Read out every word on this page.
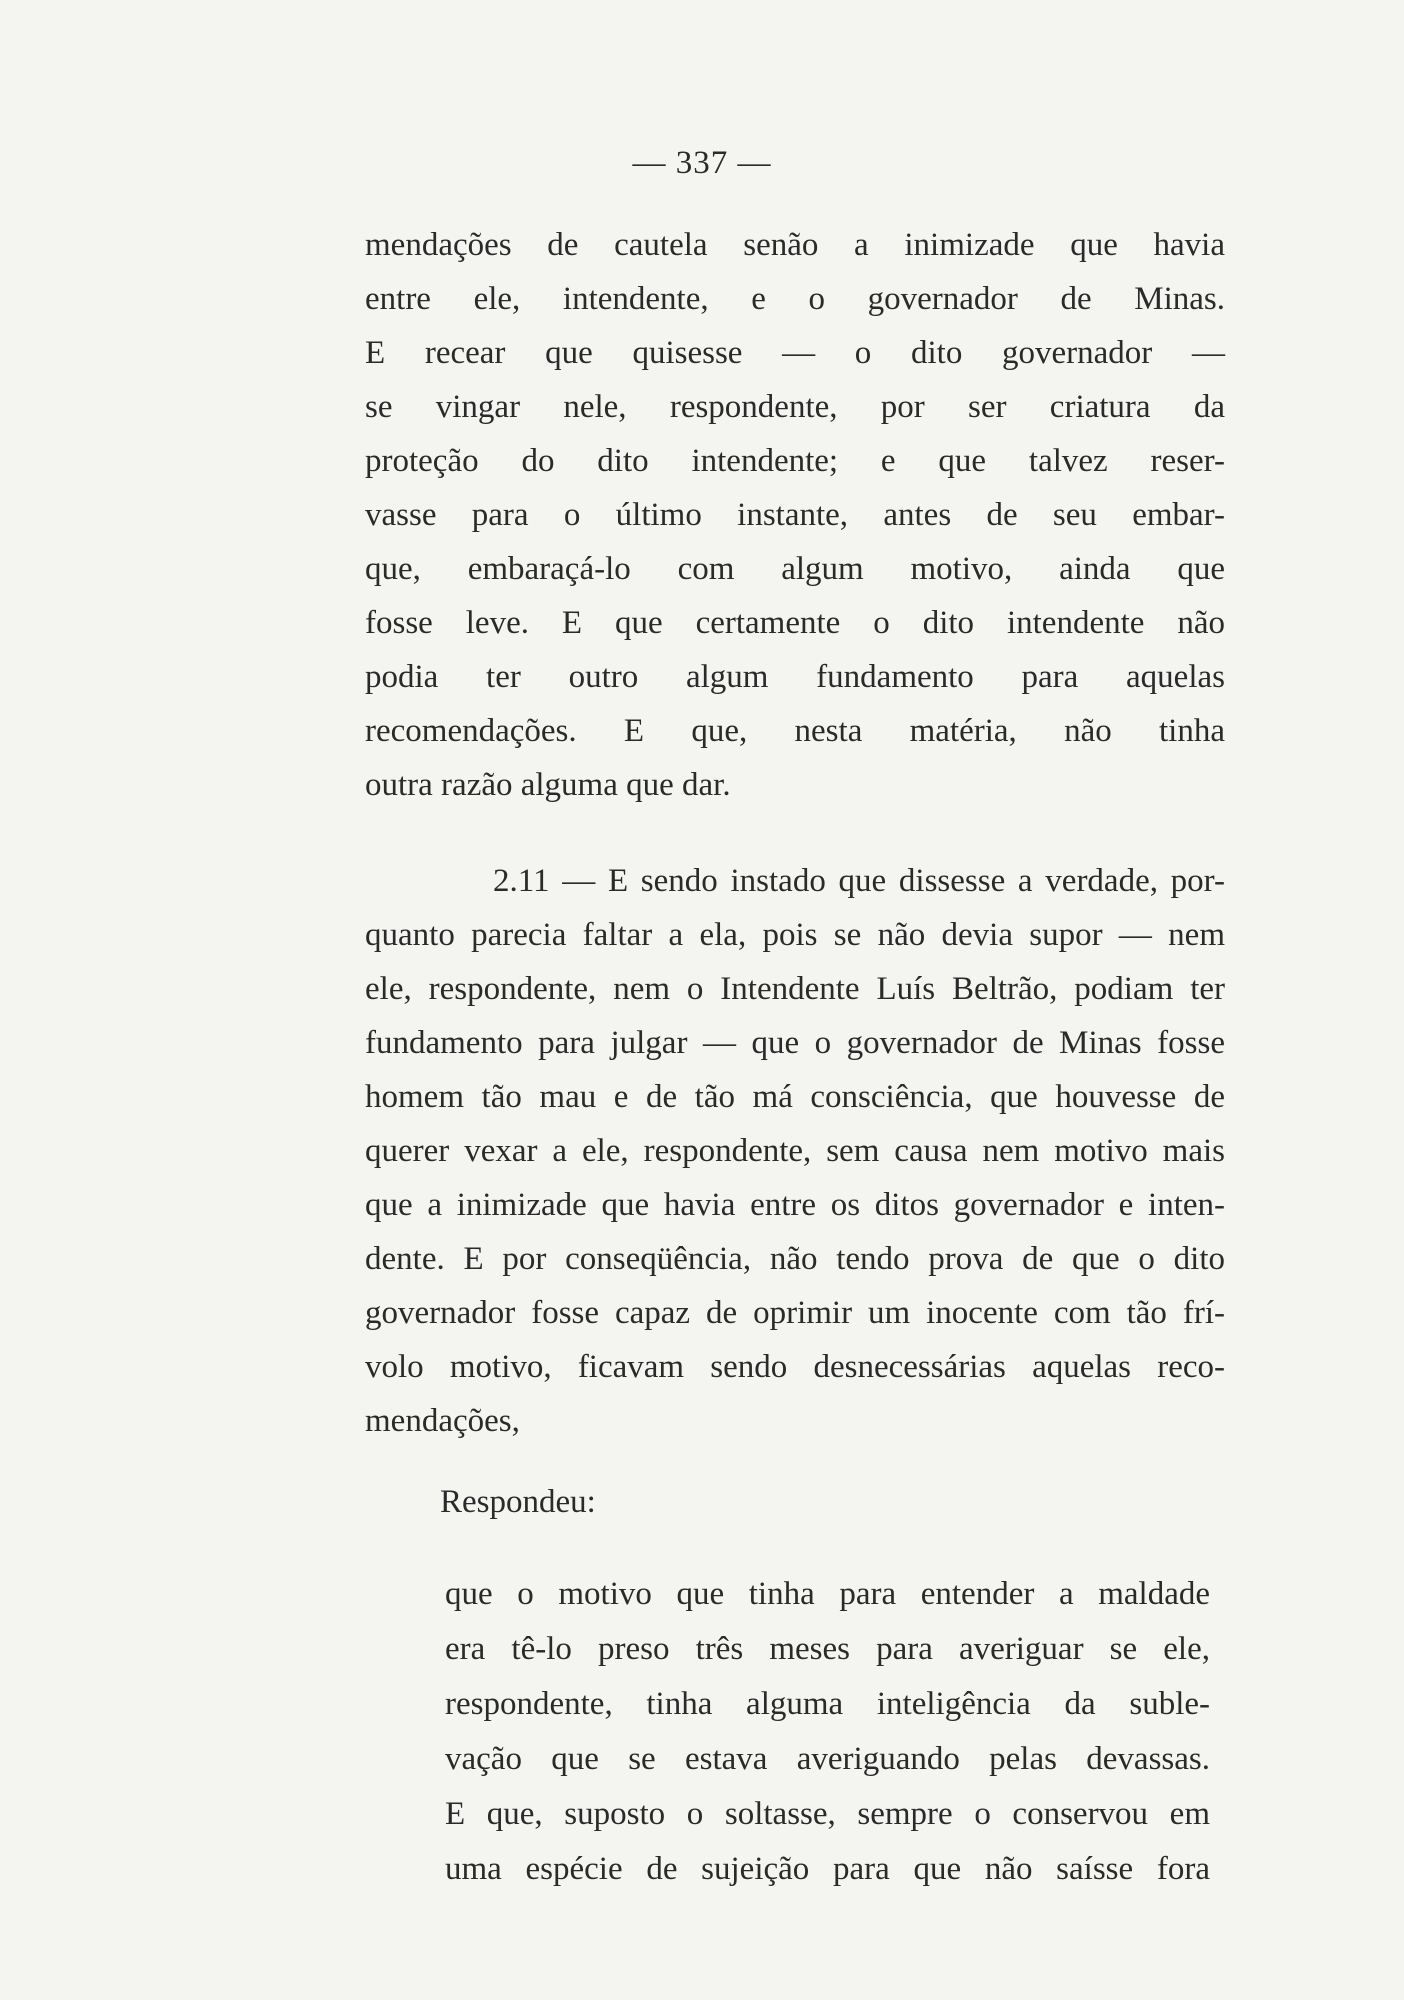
— 337 —
mendações de cautela senão a inimizade que havia
entre ele, intendente, e o governador de Minas.
E recear que quisesse — o dito governador —
se vingar nele, respondente, por ser criatura da
proteção do dito intendente; e que talvez reser-
vasse para o último instante, antes de seu embar-
que, embaraçá-lo com algum motivo, ainda que
fosse leve. E que certamente o dito intendente não
podia ter outro algum fundamento para aquelas
recomendações. E que, nesta matéria, não tinha
outra razão alguma que dar.
2.11 — E sendo instado que dissesse a verdade, por-
quanto parecia faltar a ela, pois se não devia supor — nem
ele, respondente, nem o Intendente Luís Beltrão, podiam ter
fundamento para julgar — que o governador de Minas fosse
homem tão mau e de tão má consciência, que houvesse de
querer vexar a ele, respondente, sem causa nem motivo mais
que a inimizade que havia entre os ditos governador e inten-
dente. E por conseqüência, não tendo prova de que o dito
governador fosse capaz de oprimir um inocente com tão frí-
volo motivo, ficavam sendo desnecessárias aquelas reco-
mendações,
Respondeu:
que o motivo que tinha para entender a maldade
era tê-lo preso três meses para averiguar se ele,
respondente, tinha alguma inteligência da suble-
vação que se estava averiguando pelas devassas.
E que, suposto o soltasse, sempre o conservou em
uma espécie de sujeição para que não saísse fora
